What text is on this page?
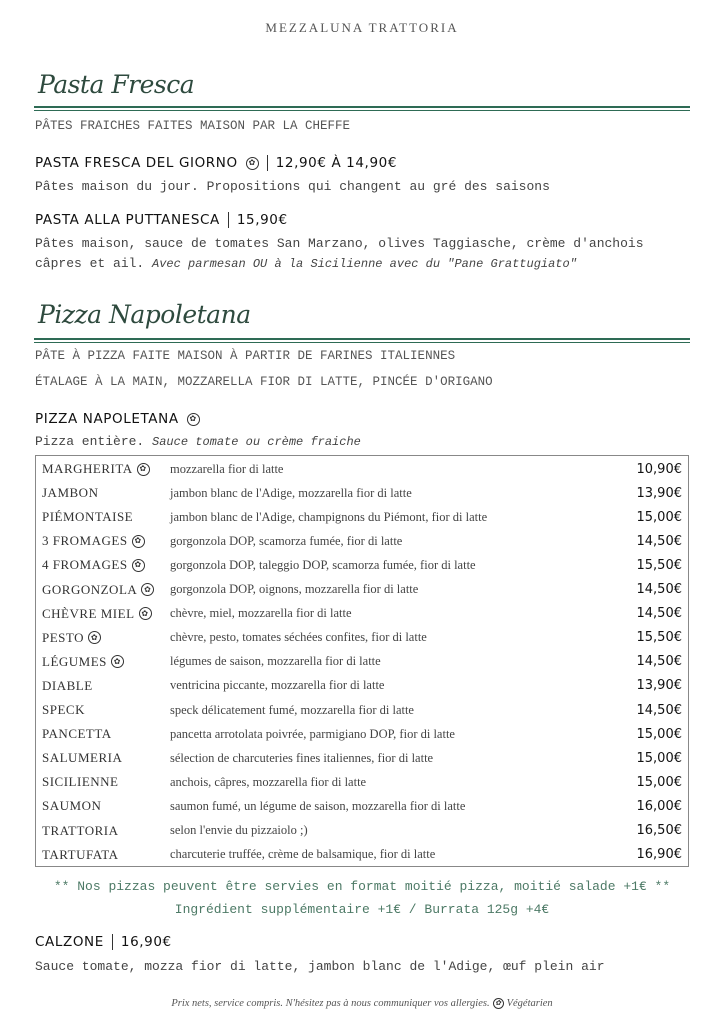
MEZZALUNA TRATTORIA
Pasta Fresca
PÂTES FRAICHES FAITES MAISON PAR LA CHEFFE
PASTA FRESCA DEL GIORNO	✿ 12,90€ À 14,90€
Pâtes maison du jour. Propositions qui changent au gré des saisons
PASTA ALLA PUTTANESCA 15,90€
Pâtes maison, sauce de tomates San Marzano, olives Taggiasche, crème d'anchois câpres et ail. Avec parmesan OU à la Sicilienne avec du "Pane Grattugiato"
Pizza Napoletana
PÂTE À PIZZA FAITE MAISON À PARTIR DE FARINES ITALIENNES
ÉTALAGE À LA MAIN, MOZZARELLA FIOR DI LATTE, PINCÉE D'ORIGANO
PIZZA NAPOLETANA	✿
Pizza entière. Sauce tomate ou crème fraiche
MARGHERITA ✿ mozzarella fior di latte	10,90€
JAMBON	jambon blanc de l'Adige, mozzarella fior di latte	13,90€
PIÉMONTAISE	jambon blanc de l'Adige, champignons du Piémont, fior di latte	15,00€
3 FROMAGES ✿ gorgonzola DOP, scamorza fumée, fior di latte	14,50€
4 FROMAGES ✿ gorgonzola DOP, taleggio DOP, scamorza fumée, fior di latte	15,50€
GORGONZOLA ✿ gorgonzola DOP, oignons, mozzarella fior di latte	14,50€
CHÈVRE MIEL ✿ chèvre, miel, mozzarella fior di latte	14,50€
PESTO ✿	chèvre, pesto, tomates séchées confites, fior di latte	15,50€
LÉGUMES ✿	légumes de saison, mozzarella fior di latte	14,50€
DIABLE	ventricina piccante, mozzarella fior di latte	13,90€
SPECK	speck délicatement fumé, mozzarella fior di latte	14,50€
PANCETTA	pancetta arrotolata poivrée, parmigiano DOP, fior di latte	15,00€
SALUMERIA	sélection de charcuteries fines italiennes, fior di latte	15,00€
SICILIENNE	anchois, câpres, mozzarella fior di latte	15,00€
SAUMON	saumon fumé, un légume de saison, mozzarella fior di latte	16,00€
TRATTORIA	selon l'envie du pizzaiolo ;)	16,50€
TARTUFATA	charcuterie truffée, crème de balsamique, fior di latte	16,90€
** Nos pizzas peuvent être servies en format moitié pizza, moitié salade +1€ **
Ingrédient supplémentaire +1€ / Burrata 125g +4€
CALZONE 16,90€
Sauce tomate, mozza fior di latte, jambon blanc de l'Adige, œuf plein air
Prix nets, service compris. N'hésitez pas à nous communiquer vos allergies. ✿ Végétarien
